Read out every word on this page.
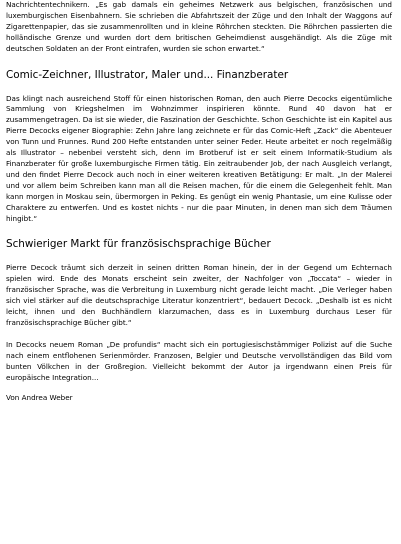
Nachrichtentechnikern. „Es gab damals ein geheimes Netzwerk aus belgischen, französischen und luxemburgischen Eisenbahnern. Sie schrieben die Abfahrtszeit der Züge und den Inhalt der Waggons auf Zigarettenpapier, das sie zusammenrollten und in kleine Röhrchen steckten. Die Röhrchen passierten die holländische Grenze und wurden dort dem britischen Geheimdienst ausgehändigt. Als die Züge mit deutschen Soldaten an der Front eintrafen, wurden sie schon erwartet.“

Comic-Zeichner, Illustrator, Maler und... Finanzberater

Das klingt nach ausreichend Stoff für einen historischen Roman, den auch Pierre Decocks eigentümliche Sammlung von Kriegshelmen im Wohnzimmer inspirieren könnte. Rund 40 davon hat er zusammengetragen. Da ist sie wieder, die Faszination der Geschichte. Schon Geschichte ist ein Kapitel aus Pierre Decocks eigener Biographie: Zehn Jahre lang zeichnete er für das Comic-Heft „Zack“ die Abenteuer von Tunn und Frunnes. Rund 200 Hefte entstanden unter seiner Feder. Heute arbeitet er noch regelmäßig als Illustrator – nebenbei versteht sich, denn im Brotberuf ist er seit einem Informatik-Studium als Finanzberater für große luxemburgische Firmen tätig. Ein zeitraubender Job, der nach Ausgleich verlangt, und den findet Pierre Decock auch noch in einer weiteren kreativen Betätigung: Er malt. „In der Malerei und vor allem beim Schreiben kann man all die Reisen machen, für die einem die Gelegenheit fehlt. Man kann morgen in Moskau sein, übermorgen in Peking. Es genügt ein wenig Phantasie, um eine Kulisse oder Charaktere zu entwerfen. Und es kostet nichts - nur die paar Minuten, in denen man sich dem Träumen hingibt.“

Schwieriger Markt für französischsprachige Bücher

Pierre Decock träumt sich derzeit in seinen dritten Roman hinein, der in der Gegend um Echternach spielen wird. Ende des Monats erscheint sein zweiter, der Nachfolger von „Toccata“ – wieder in französischer Sprache, was die Verbreitung in Luxemburg nicht gerade leicht macht. „Die Verleger haben sich viel stärker auf die deutschsprachige Literatur konzentriert“, bedauert Decock. „Deshalb ist es nicht leicht, ihnen und den Buchhändlern klarzumachen, dass es in Luxemburg durchaus Leser für französischsprachige Bücher gibt.“

In Decocks neuem Roman „De profundis“ macht sich ein portugiesischstämmiger Polizist auf die Suche nach einem entflohenen Serienmörder. Franzosen, Belgier und Deutsche vervollständigen das Bild vom bunten Völkchen in der Großregion. Vielleicht bekommt der Autor ja irgendwann einen Preis für europäische Integration...

Von Andrea Weber
